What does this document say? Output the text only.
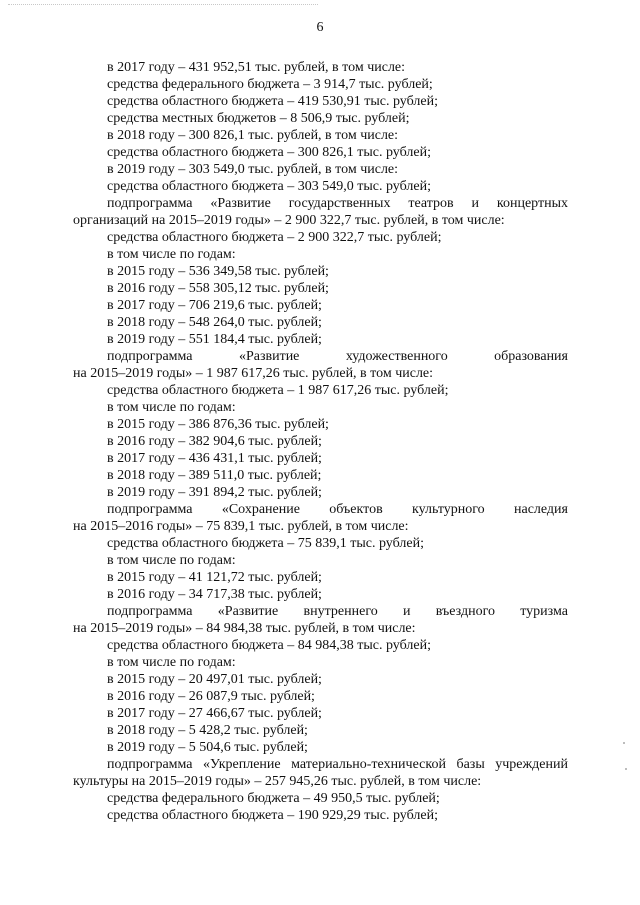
6
в 2017 году – 431 952,51 тыс. рублей, в том числе:
средства федерального бюджета – 3 914,7 тыс. рублей;
средства областного бюджета – 419 530,91 тыс. рублей;
средства местных бюджетов – 8 506,9 тыс. рублей;
в 2018 году – 300 826,1 тыс. рублей, в том числе:
средства областного бюджета – 300 826,1 тыс. рублей;
в 2019 году – 303 549,0 тыс. рублей, в том числе:
средства областного бюджета – 303 549,0 тыс. рублей;
подпрограмма «Развитие государственных театров и концертных
организаций на 2015–2019 годы» – 2 900 322,7 тыс. рублей, в том числе:
средства областного бюджета – 2 900 322,7 тыс. рублей;
в том числе по годам:
в 2015 году – 536 349,58 тыс. рублей;
в 2016 году – 558 305,12 тыс. рублей;
в 2017 году – 706 219,6 тыс. рублей;
в 2018 году – 548 264,0 тыс. рублей;
в 2019 году – 551 184,4 тыс. рублей;
подпрограмма «Развитие художественного образования
на 2015–2019 годы» – 1 987 617,26 тыс. рублей, в том числе:
средства областного бюджета – 1 987 617,26 тыс. рублей;
в том числе по годам:
в 2015 году – 386 876,36 тыс. рублей;
в 2016 году – 382 904,6 тыс. рублей;
в 2017 году – 436 431,1 тыс. рублей;
в 2018 году – 389 511,0 тыс. рублей;
в 2019 году – 391 894,2 тыс. рублей;
подпрограмма «Сохранение объектов культурного наследия
на 2015–2016 годы» – 75 839,1 тыс. рублей, в том числе:
средства областного бюджета – 75 839,1 тыс. рублей;
в том числе по годам:
в 2015 году – 41 121,72 тыс. рублей;
в 2016 году – 34 717,38 тыс. рублей;
подпрограмма «Развитие внутреннего и въездного туризма
на 2015–2019 годы» – 84 984,38 тыс. рублей, в том числе:
средства областного бюджета – 84 984,38 тыс. рублей;
в том числе по годам:
в 2015 году – 20 497,01 тыс. рублей;
в 2016 году – 26 087,9 тыс. рублей;
в 2017 году – 27 466,67 тыс. рублей;
в 2018 году – 5 428,2 тыс. рублей;
в 2019 году – 5 504,6 тыс. рублей;
подпрограмма «Укрепление материально-технической базы учреждений
культуры на 2015–2019 годы» – 257 945,26 тыс. рублей, в том числе:
средства федерального бюджета – 49 950,5 тыс. рублей;
средства областного бюджета – 190 929,29 тыс. рублей;
